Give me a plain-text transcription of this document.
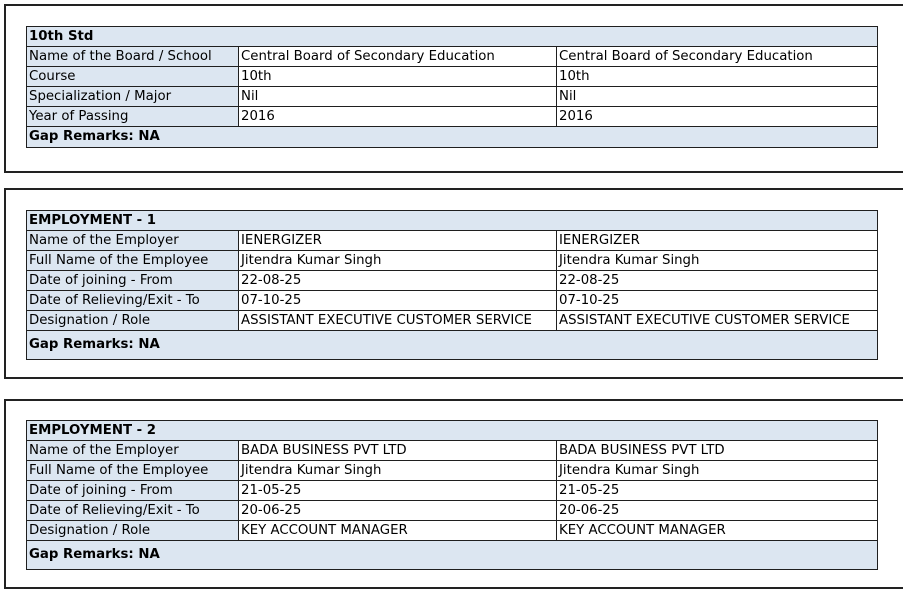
10th Std
Name of the Board / School	Central Board of Secondary Education	Central Board of Secondary Education
Course	10th	10th
Specialization / Major	Nil	Nil
Year of Passing	2016	2016
Gap Remarks: NA
EMPLOYMENT - 1
Name of the Employer	IENERGIZER	IENERGIZER
Full Name of the Employee	Jitendra Kumar Singh	Jitendra Kumar Singh
Date of joining - From	22-08-25	22-08-25
Date of Relieving/Exit - To	07-10-25	07-10-25
Designation / Role	ASSISTANT EXECUTIVE CUSTOMER SERVICE	ASSISTANT EXECUTIVE CUSTOMER SERVICE
Gap Remarks: NA
EMPLOYMENT - 2
Name of the Employer	BADA BUSINESS PVT LTD	BADA BUSINESS PVT LTD
Full Name of the Employee	Jitendra Kumar Singh	Jitendra Kumar Singh
Date of joining - From	21-05-25	21-05-25
Date of Relieving/Exit - To	20-06-25	20-06-25
Designation / Role	KEY ACCOUNT MANAGER	KEY ACCOUNT MANAGER
Gap Remarks: NA
